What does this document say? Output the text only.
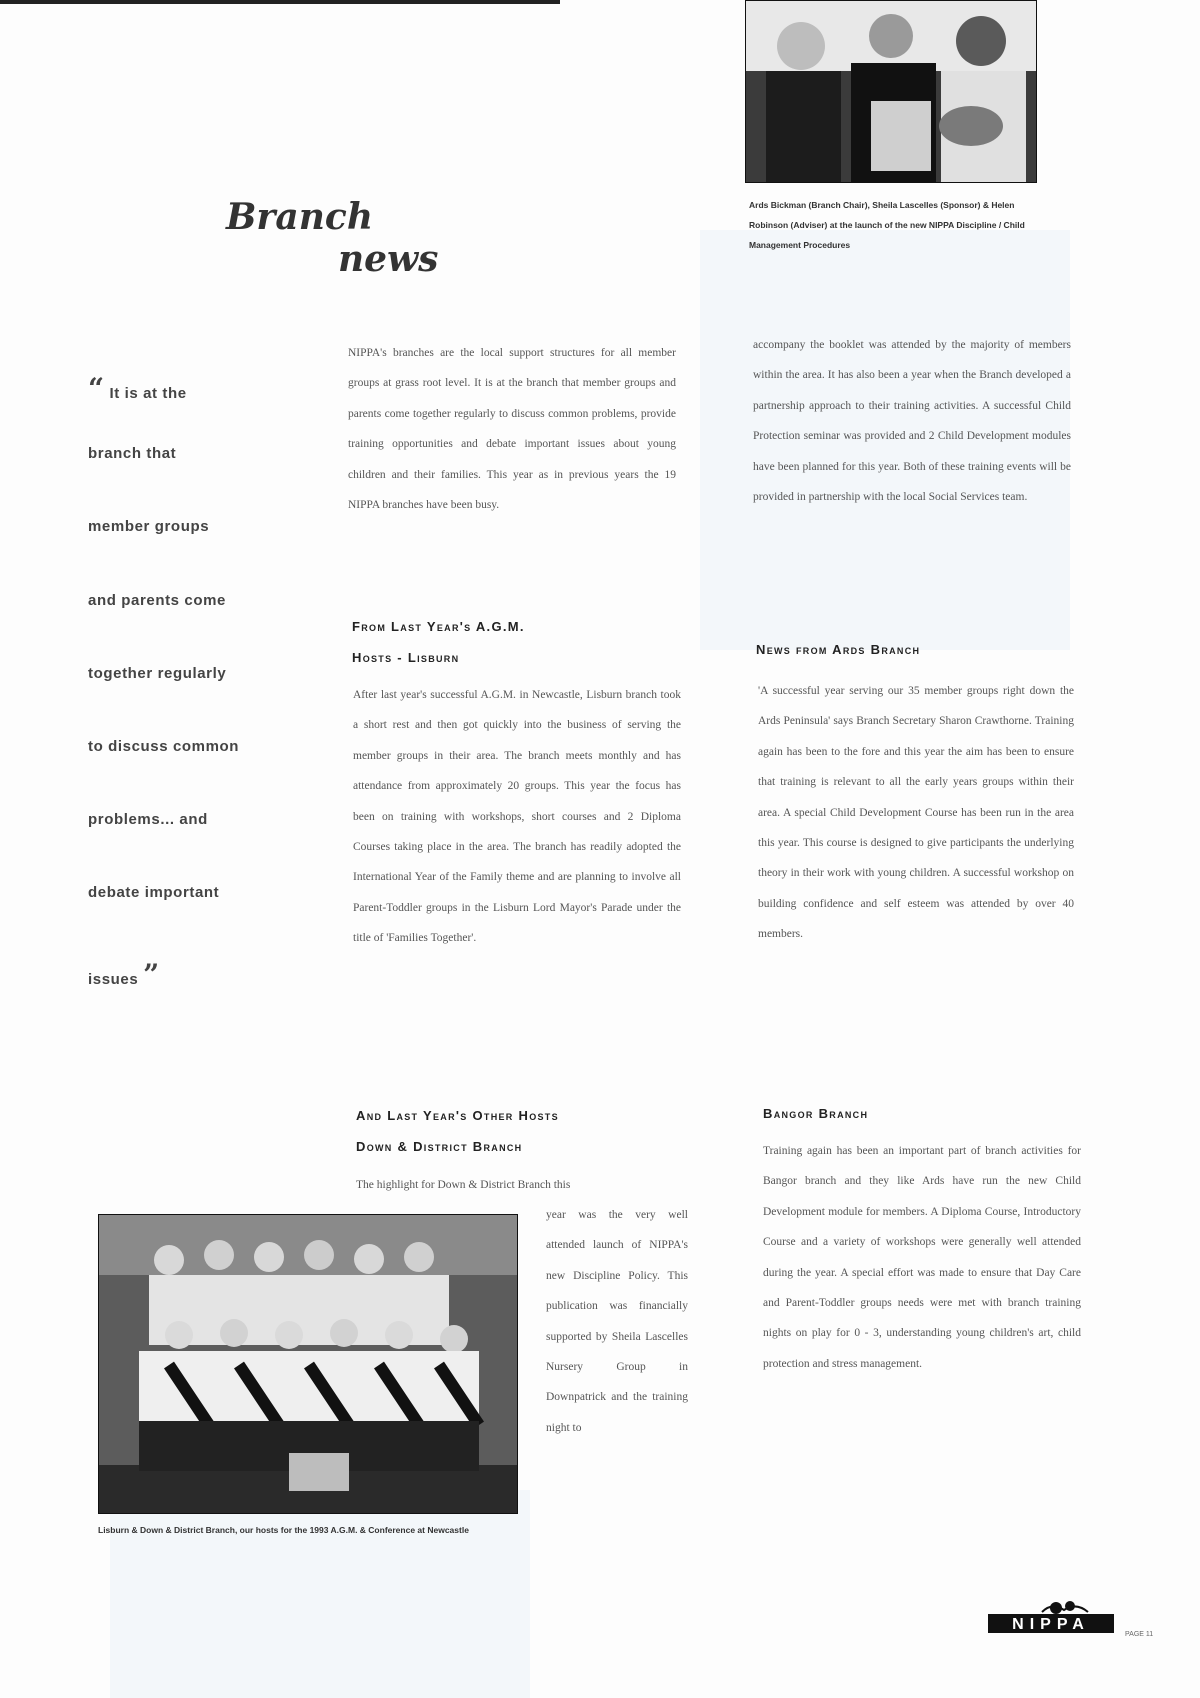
Ards Bickman (Branch Chair), Sheila Lascelles (Sponsor) & Helen Robinson (Adviser) at the launch of the new NIPPA Discipline / Child Management Procedures
Branch
news
“ It is at the
branch that
member groups
and parents come
together regularly
to discuss common
problems... and
debate important
issues ”
NIPPA's branches are the local support structures for all member groups at grass root level. It is at the branch that member groups and parents come together regularly to discuss common problems, provide training opportunities and debate important issues about young children and their families. This year as in previous years the 19 NIPPA branches have been busy.
From Last Year's A.G.M.
Hosts - Lisburn
After last year's successful A.G.M. in Newcastle, Lisburn branch took a short rest and then got quickly into the business of serving the member groups in their area. The branch meets monthly and has attendance from approximately 20 groups. This year the focus has been on training with workshops, short courses and 2 Diploma Courses taking place in the area. The branch has readily adopted the International Year of the Family theme and are planning to involve all Parent-Toddler groups in the Lisburn Lord Mayor's Parade under the title of 'Families Together'.
And Last Year's Other Hosts
Down & District Branch
The highlight for Down & District Branch this
year was the very well attended launch of NIPPA's new Discipline Policy. This publication was financially supported by Sheila Lascelles Nursery Group in Downpatrick and the training night to
Lisburn & Down & District Branch, our hosts for the 1993 A.G.M. & Conference at Newcastle
accompany the booklet was attended by the majority of members within the area. It has also been a year when the Branch developed a partnership approach to their training activities. A successful Child Protection seminar was provided and 2 Child Development modules have been planned for this year. Both of these training events will be provided in partnership with the local Social Services team.
News from Ards Branch
'A successful year serving our 35 member groups right down the Ards Peninsula' says Branch Secretary Sharon Crawthorne. Training again has been to the fore and this year the aim has been to ensure that training is relevant to all the early years groups within their area. A special Child Development Course has been run in the area this year. This course is designed to give participants the underlying theory in their work with young children. A successful workshop on building confidence and self esteem was attended by over 40 members.
Bangor Branch
Training again has been an important part of branch activities for Bangor branch and they like Ards have run the new Child Development module for members. A Diploma Course, Introductory Course and a variety of workshops were generally well attended during the year. A special effort was made to ensure that Day Care and Parent-Toddler groups needs were met with branch training nights on play for 0 - 3, understanding young children's art, child protection and stress management.
NIPPA
PAGE 11
